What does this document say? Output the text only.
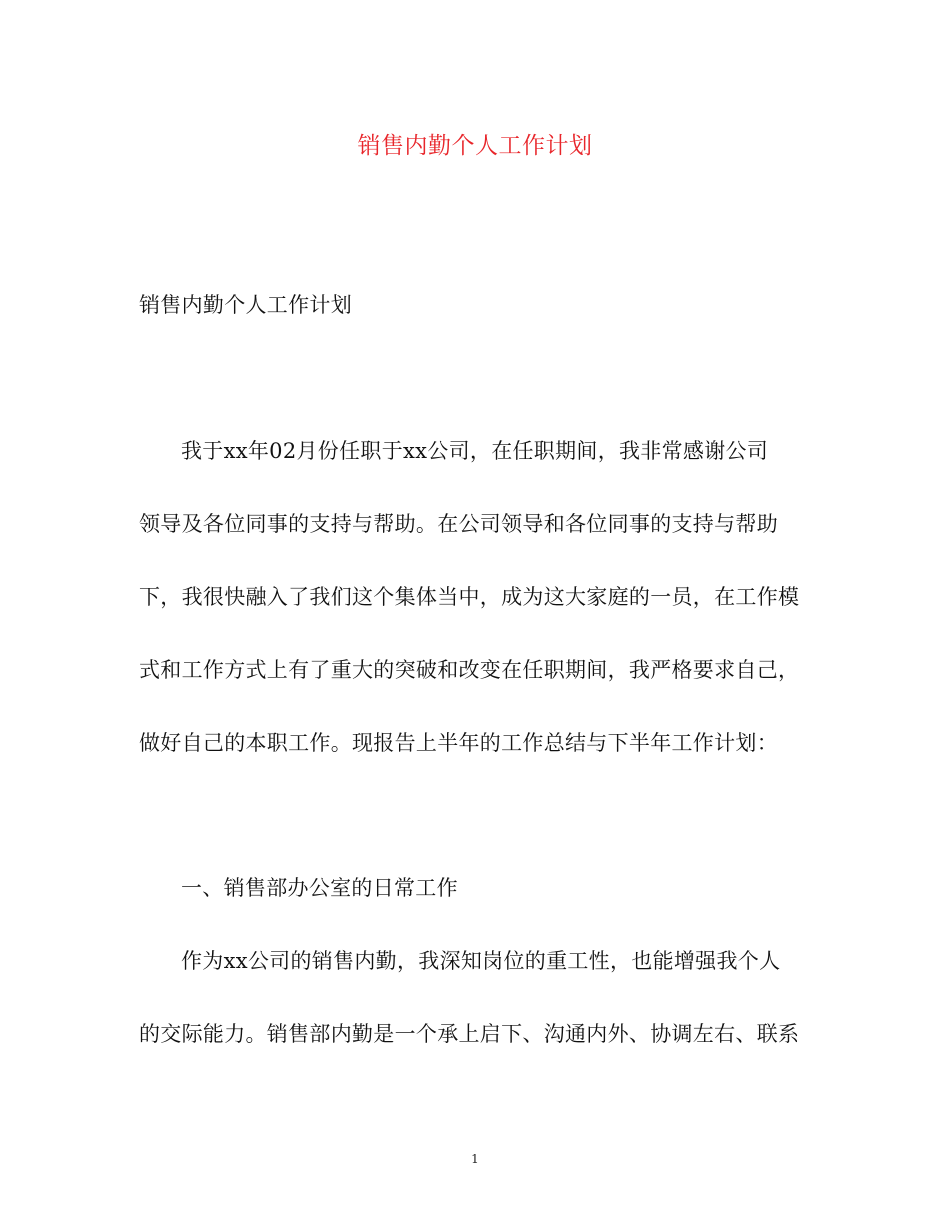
销售内勤个人工作计划
销售内勤个人工作计划
我于xx年02月份任职于xx公司，在任职期间，我非常感谢公司
领导及各位同事的支持与帮助。在公司领导和各位同事的支持与帮助
下，我很快融入了我们这个集体当中，成为这大家庭的一员，在工作模
式和工作方式上有了重大的突破和改变在任职期间，我严格要求自己，
做好自己的本职工作。现报告上半年的工作总结与下半年工作计划：
一、销售部办公室的日常工作
作为xx公司的销售内勤，我深知岗位的重工性，也能增强我个人
的交际能力。销售部内勤是一个承上启下、沟通内外、协调左右、联系
1
